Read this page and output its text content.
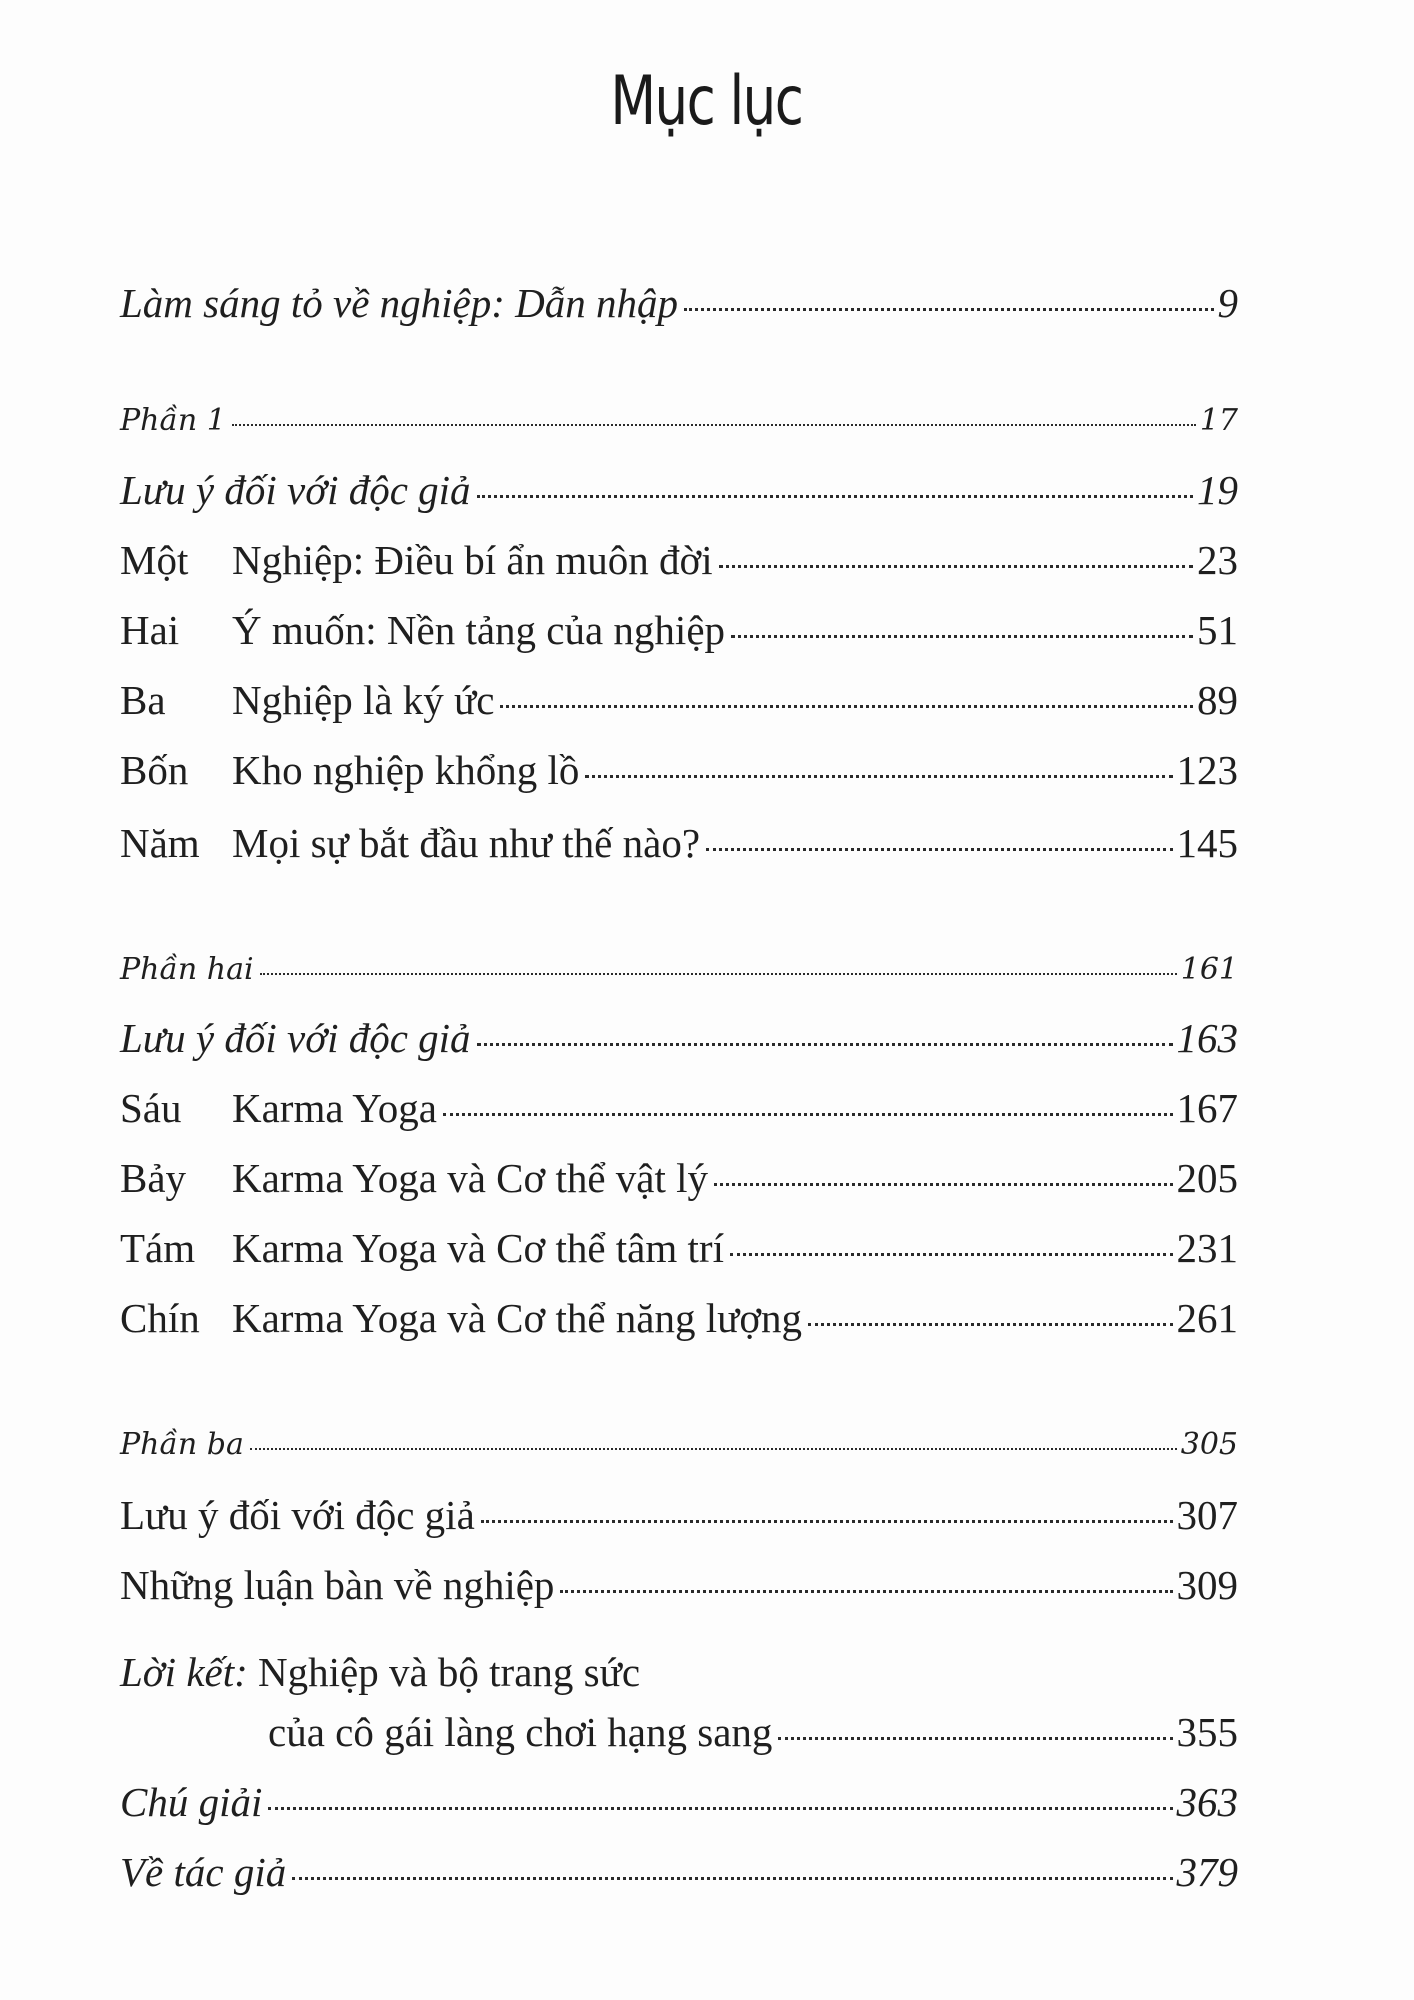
Mục lục
Làm sáng tỏ về nghiệp: Dẫn nhập	9
Phần 1	17
Lưu ý đối với độc giả	19
Một	Nghiệp: Điều bí ẩn muôn đời	23
Hai	Ý muốn: Nền tảng của nghiệp	51
Ba	Nghiệp là ký ức	89
Bốn	Kho nghiệp khổng lồ	123
Năm Mọi sự bắt đầu như thế nào?	145
Phần hai	161
Lưu ý đối với độc giả	163
Sáu	Karma Yoga	167
Bảy	Karma Yoga và Cơ thể vật lý	205
Tám Karma Yoga và Cơ thể tâm trí	231
Chín Karma Yoga và Cơ thể năng lượng	261
Phần ba	305
Lưu ý đối với độc giả	307
Những luận bàn về nghiệp	309
Lời kết: Nghiệp và bộ trang sức
của cô gái làng chơi hạng sang	355
Chú giải	363
Về tác giả	379
